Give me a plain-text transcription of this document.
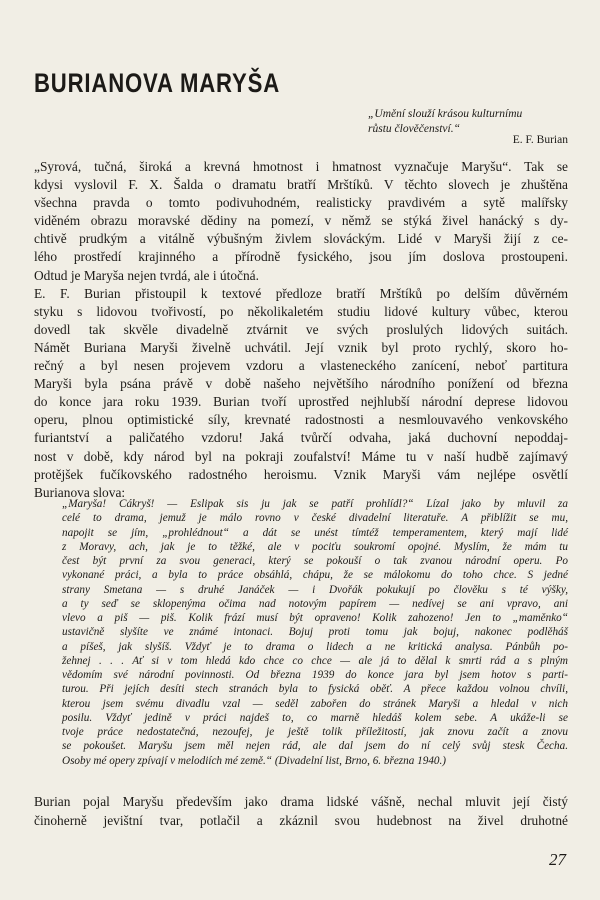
BURIANOVA MARYŠA
„Umění slouží krásou kulturnímu
růstu člověčenství.“
E. F. Burian
„Syrová, tučná, široká a krevná hmotnost i hmatnost vyznačuje Maryšu“. Tak se
kdysi vyslovil F. X. Šalda o dramatu bratří Mrštíků. V těchto slovech je zhuštěna
všechna pravda o tomto podivuhodném, realisticky pravdivém a sytě malířsky
viděném obrazu moravské dědiny na pomezí, v němž se stýká živel hanácký s dy-
chtivě prudkým a vitálně výbušným živlem slováckým. Lidé v Maryši žijí z ce-
lého prostředí krajinného a přírodně fysického, jsou jím doslova prostoupeni.
Odtud je Maryša nejen tvrdá, ale i útočná.
E. F. Burian přistoupil k textové předloze bratří Mrštíků po delším důvěrném
styku s lidovou tvořivostí, po několikaletém studiu lidové kultury vůbec, kterou
dovedl tak skvěle divadelně ztvárnit ve svých proslulých lidových suitách.
Námět Buriana Maryši živelně uchvátil. Její vznik byl proto rychlý, skoro ho-
rečný a byl nesen projevem vzdoru a vlasteneckého zanícení, neboť partitura
Maryši byla psána právě v době našeho největšího národního ponížení od března
do konce jara roku 1939. Burian tvoří uprostřed nejhlubší národní deprese lidovou
operu, plnou optimistické síly, krevnaté radostnosti a nesmlouvavého venkovského
furiantství a paličatého vzdoru! Jaká tvůrčí odvaha, jaká duchovní nepoddaj-
nost v době, kdy národ byl na pokraji zoufalství! Máme tu v naší hudbě zajímavý
protějšek fučíkovského radostného heroismu. Vznik Maryši vám nejlépe osvětlí
Burianova slova:
„Maryša! Cákryš! — Eslipak sis ju jak se patří prohlídl?“ Lízal jako by mluvil za
celé to drama, jemuž je málo rovno v české divadelní literatuře. A přiblížit se mu,
napojit se jím, „prohlédnout“ a dát se unést tímtéž temperamentem, který mají lidé
z Moravy, ach, jak je to těžké, ale v pociťu soukromí opojné. Myslím, že mám tu
čest být první za svou generaci, který se pokouší o tak zvanou národní operu. Po
vykonané práci, a byla to práce obsáhlá, chápu, že se málokomu do toho chce. S jedné
strany Smetana — s druhé Janáček — i Dvořák pokukují po člověku s té výšky,
a ty seď se sklopenýma očima nad notovým papírem — nedívej se ani vpravo, ani
vlevo a piš — piš. Kolik frází musí být opraveno! Kolik zahozeno! Jen to „maměnko“
ustavičně slyšíte ve známé intonaci. Bojuj proti tomu jak bojuj, nakonec podlěháš
a píšeš, jak slyšíš. Vždyť je to drama o lidech a ne kritická analysa. Pánbůh po-
žehnej . . . Ať si v tom hledá kdo chce co chce — ale já to dělal k smrti rád a s plným
vědomím své národní povinnosti. Od března 1939 do konce jara byl jsem hotov s parti-
turou. Při jejích desíti stech stranách byla to fysická oběť. A přece každou volnou chvíli,
kterou jsem svému divadlu vzal — seděl zabořen do stránek Maryši a hledal v nich
posilu. Vždyť jedině v práci najdeš to, co marně hledáš kolem sebe. A ukáže-li se
tvoje práce nedostatečná, nezoufej, je ještě tolik příležitostí, jak znovu začít a znovu
se pokoušet. Maryšu jsem měl nejen rád, ale dal jsem do ní celý svůj stesk Čecha.
Osoby mé opery zpívají v melodiích mé země.“ (Divadelní list, Brno, 6. března 1940.)
Burian pojal Maryšu především jako drama lidské vášně, nechal mluvit její čistý
činoherně jevištní tvar, potlačil a zkáznil svou hudebnost na živel druhotné
27
